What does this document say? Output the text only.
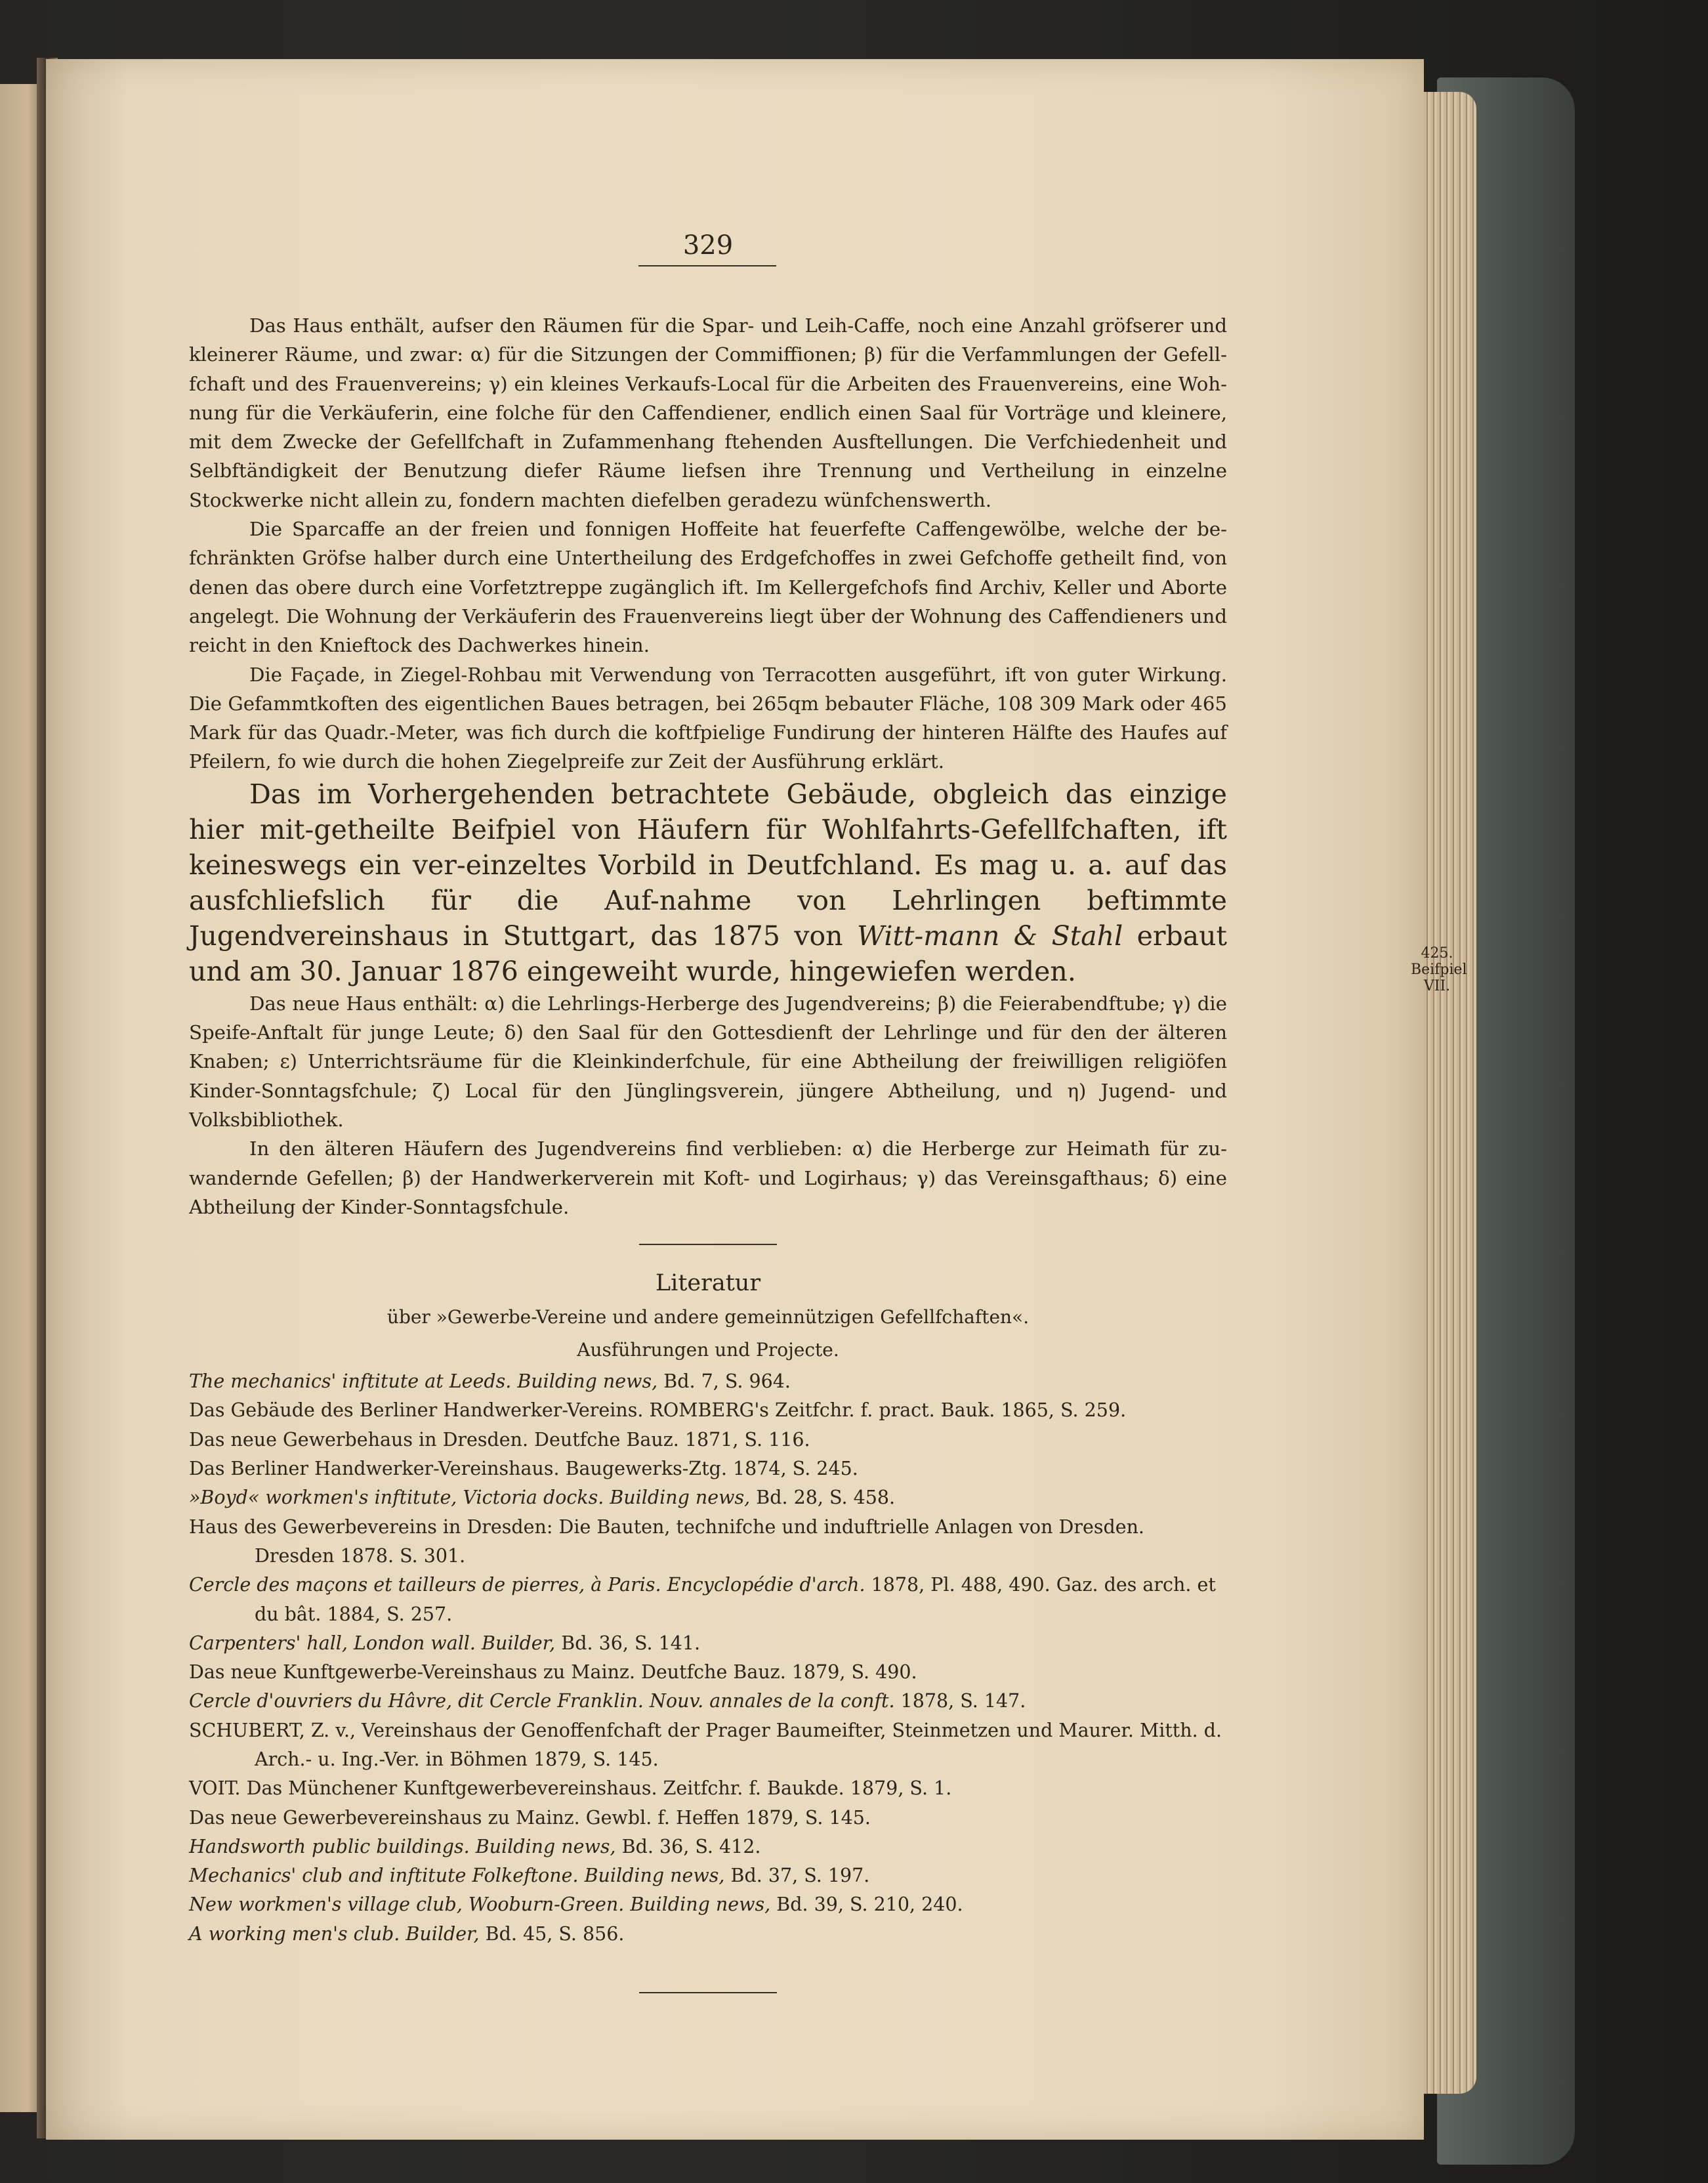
329

Das Haus enthält, aufser den Räumen für die Spar- und Leih-Caffe, noch eine Anzahl gröfserer und kleinerer Räume, und zwar: α) für die Sitzungen der Commiffionen; β) für die Verfammlungen der Gefell-fchaft und des Frauenvereins; γ) ein kleines Verkaufs-Local für die Arbeiten des Frauenvereins, eine Woh-nung für die Verkäuferin, eine folche für den Caffendiener, endlich einen Saal für Vorträge und kleinere, mit dem Zwecke der Gefellfchaft in Zufammenhang ftehenden Ausftellungen. Die Verfchiedenheit und Selbftändigkeit der Benutzung diefer Räume liefsen ihre Trennung und Vertheilung in einzelne Stockwerke nicht allein zu, fondern machten diefelben geradezu wünfchenswerth.

Die Sparcaffe an der freien und fonnigen Hoffeite hat feuerfefte Caffengewölbe, welche der be-fchränkten Gröfse halber durch eine Untertheilung des Erdgefchoffes in zwei Gefchoffe getheilt find, von denen das obere durch eine Vorfetztreppe zugänglich ift. Im Kellergefchofs find Archiv, Keller und Aborte angelegt. Die Wohnung der Verkäuferin des Frauenvereins liegt über der Wohnung des Caffendieners und reicht in den Knieftock des Dachwerkes hinein.

Die Façade, in Ziegel-Rohbau mit Verwendung von Terracotten ausgeführt, ift von guter Wirkung. Die Gefammtkoften des eigentlichen Baues betragen, bei 265qm bebauter Fläche, 108 309 Mark oder 465 Mark für das Quadr.-Meter, was fich durch die koftfpielige Fundirung der hinteren Hälfte des Haufes auf Pfeilern, fo wie durch die hohen Ziegelpreife zur Zeit der Ausführung erklärt.

Das im Vorhergehenden betrachtete Gebäude, obgleich das einzige hier mit-getheilte Beifpiel von Häufern für Wohlfahrts-Gefellfchaften, ift keineswegs ein ver-einzeltes Vorbild in Deutfchland. Es mag u. a. auf das ausfchliefslich für die Auf-nahme von Lehrlingen beftimmte Jugendvereinshaus in Stuttgart, das 1875 von Witt-mann & Stahl erbaut und am 30. Januar 1876 eingeweiht wurde, hingewiefen werden.

Das neue Haus enthält: α) die Lehrlings-Herberge des Jugendvereins; β) die Feierabendftube; γ) die Speife-Anftalt für junge Leute; δ) den Saal für den Gottesdienft der Lehrlinge und für den der älteren Knaben; ε) Unterrichtsräume für die Kleinkinderfchule, für eine Abtheilung der freiwilligen religiöfen Kinder-Sonntagsfchule; ζ) Local für den Jünglingsverein, jüngere Abtheilung, und η) Jugend- und Volksbibliothek.

In den älteren Häufern des Jugendvereins find verblieben: α) die Herberge zur Heimath für zu-wandernde Gefellen; β) der Handwerkerverein mit Koft- und Logirhaus; γ) das Vereinsgafthaus; δ) eine Abtheilung der Kinder-Sonntagsfchule.

Literatur
über »Gewerbe-Vereine und andere gemeinnützigen Gefellfchaften«.
Ausführungen und Projecte.
The mechanics' inftitute at Leeds. Building news, Bd. 7, S. 964.
Das Gebäude des Berliner Handwerker-Vereins. ROMBERG's Zeitfchr. f. pract. Bauk. 1865, S. 259.
Das neue Gewerbehaus in Dresden. Deutfche Bauz. 1871, S. 116.
Das Berliner Handwerker-Vereinshaus. Baugewerks-Ztg. 1874, S. 245.
»Boyd« workmen's inftitute, Victoria docks. Building news, Bd. 28, S. 458.
Haus des Gewerbevereins in Dresden: Die Bauten, technifche und induftrielle Anlagen von Dresden. Dresden 1878. S. 301.
Cercle des maçons et tailleurs de pierres, à Paris. Encyclopédie d'arch. 1878, Pl. 488, 490. Gaz. des arch. et du bât. 1884, S. 257.
Carpenters' hall, London wall. Builder, Bd. 36, S. 141.
Das neue Kunftgewerbe-Vereinshaus zu Mainz. Deutfche Bauz. 1879, S. 490.
Cercle d'ouvriers du Hâvre, dit Cercle Franklin. Nouv. annales de la conft. 1878, S. 147.
SCHUBERT, Z. v., Vereinshaus der Genoffenfchaft der Prager Baumeifter, Steinmetzen und Maurer. Mitth. d. Arch.- u. Ing.-Ver. in Böhmen 1879, S. 145.
VOIT. Das Münchener Kunftgewerbevereinshaus. Zeitfchr. f. Baukde. 1879, S. 1.
Das neue Gewerbevereinshaus zu Mainz. Gewbl. f. Heffen 1879, S. 145.
Handsworth public buildings. Building news, Bd. 36, S. 412.
Mechanics' club and inftitute Folkeftone. Building news, Bd. 37, S. 197.
New workmen's village club, Wooburn-Green. Building news, Bd. 39, S. 210, 240.
A working men's club. Builder, Bd. 45, S. 856.
425.
Beifpiel
VII.
